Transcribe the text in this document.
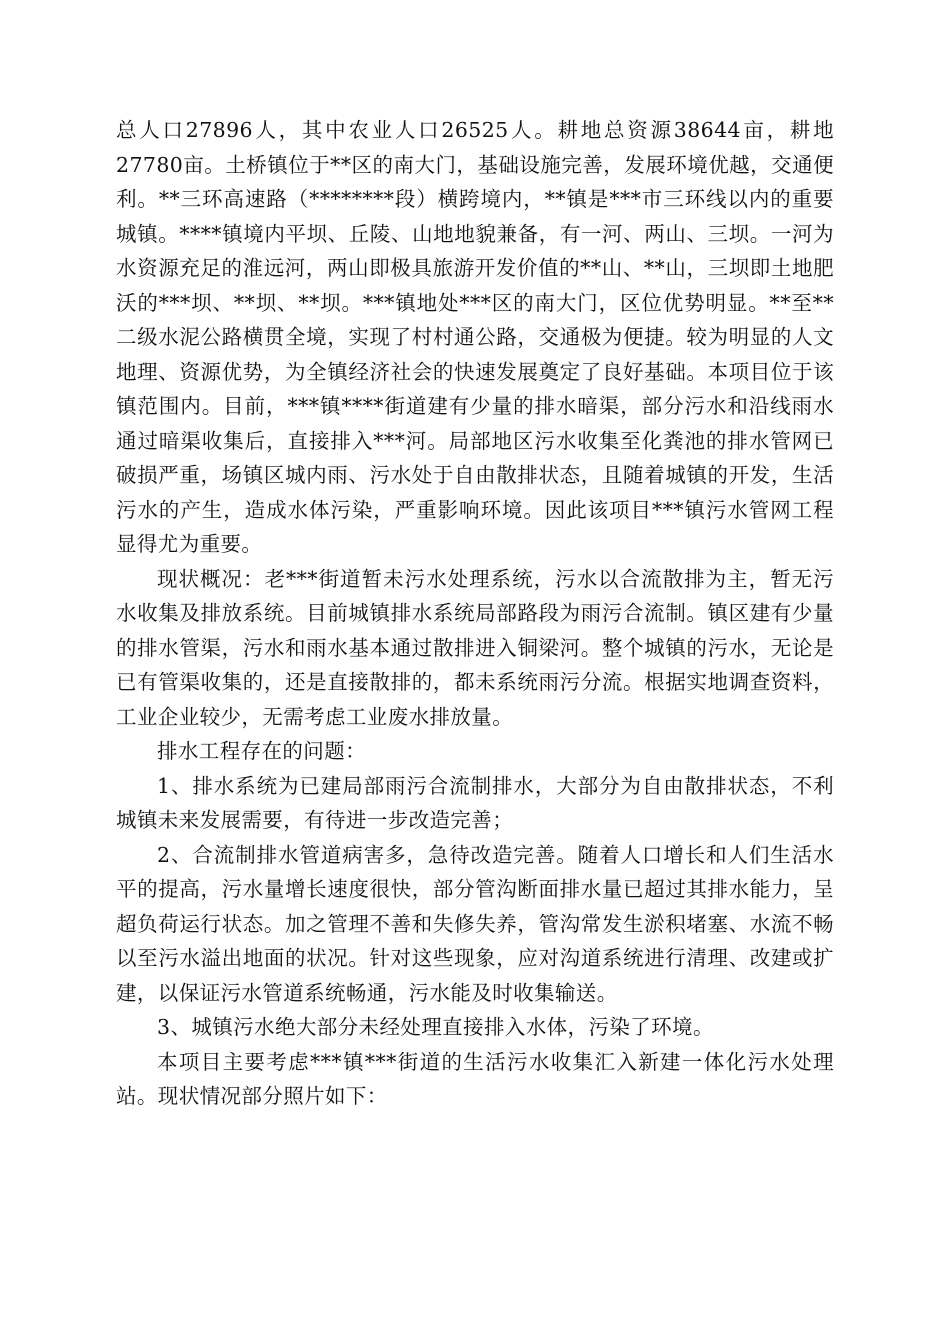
总人口27896人，其中农业人口26525人。耕地总资源38644亩，耕地27780亩。土桥镇位于**区的南大门，基础设施完善，发展环境优越，交通便利。**三环高速路（********段）横跨境内，**镇是***市三环线以内的重要城镇。****镇境内平坝、丘陵、山地地貌兼备，有一河、两山、三坝。一河为水资源充足的淮远河，两山即极具旅游开发价值的**山、**山，三坝即土地肥沃的***坝、**坝、**坝。***镇地处***区的南大门，区位优势明显。**至**二级水泥公路横贯全境，实现了村村通公路，交通极为便捷。较为明显的人文地理、资源优势，为全镇经济社会的快速发展奠定了良好基础。本项目位于该镇范围内。目前，***镇****街道建有少量的排水暗渠，部分污水和沿线雨水通过暗渠收集后，直接排入***河。局部地区污水收集至化粪池的排水管网已破损严重，场镇区城内雨、污水处于自由散排状态，且随着城镇的开发，生活污水的产生，造成水体污染，严重影响环境。因此该项目***镇污水管网工程显得尤为重要。

现状概况：老***街道暂未污水处理系统，污水以合流散排为主，暂无污水收集及排放系统。目前城镇排水系统局部路段为雨污合流制。镇区建有少量的排水管渠，污水和雨水基本通过散排进入铜梁河。整个城镇的污水，无论是已有管渠收集的，还是直接散排的，都未系统雨污分流。根据实地调查资料，工业企业较少，无需考虑工业废水排放量。

排水工程存在的问题：

1、排水系统为已建局部雨污合流制排水，大部分为自由散排状态，不利城镇未来发展需要，有待进一步改造完善；

2、合流制排水管道病害多，急待改造完善。随着人口增长和人们生活水平的提高，污水量增长速度很快，部分管沟断面排水量已超过其排水能力，呈超负荷运行状态。加之管理不善和失修失养，管沟常发生淤积堵塞、水流不畅以至污水溢出地面的状况。针对这些现象，应对沟道系统进行清理、改建或扩建，以保证污水管道系统畅通，污水能及时收集输送。

3、城镇污水绝大部分未经处理直接排入水体，污染了环境。

本项目主要考虑***镇***街道的生活污水收集汇入新建一体化污水处理站。现状情况部分照片如下：
